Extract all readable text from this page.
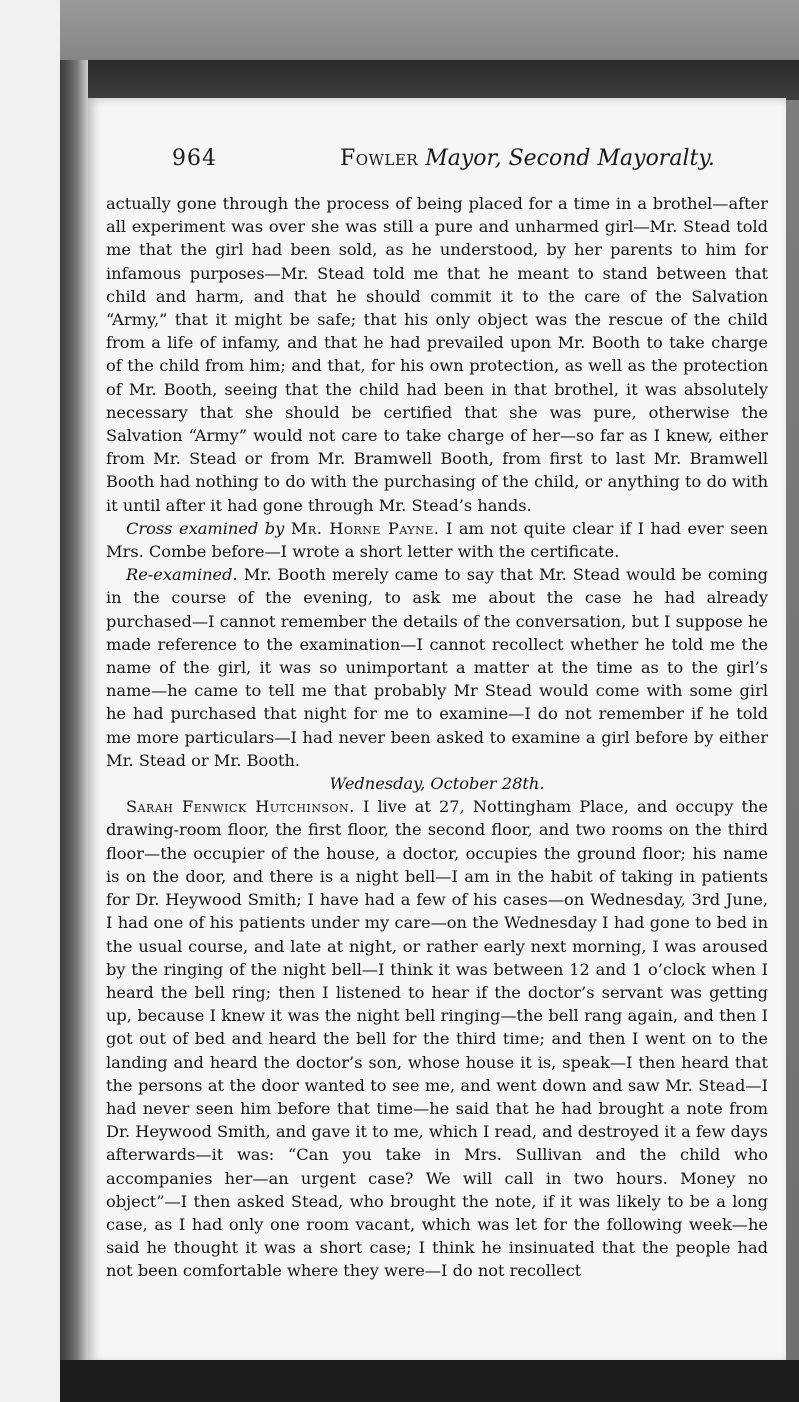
964	Fowler Mayor, Second Mayoralty.

actually gone through the process of being placed for a time in a brothel—after all experiment was over she was still a pure and unharmed girl—Mr. Stead told me that the girl had been sold, as he understood, by her parents to him for infamous purposes—Mr. Stead told me that he meant to stand between that child and harm, and that he should commit it to the care of the Salvation “Army,” that it might be safe; that his only object was the rescue of the child from a life of infamy, and that he had prevailed upon Mr. Booth to take charge of the child from him; and that, for his own protection, as well as the protection of Mr. Booth, seeing that the child had been in that brothel, it was absolutely necessary that she should be certified that she was pure, otherwise the Salvation “Army” would not care to take charge of her—so far as I knew, either from Mr. Stead or from Mr. Bramwell Booth, from first to last Mr. Bramwell Booth had nothing to do with the purchasing of the child, or anything to do with it until after it had gone through Mr. Stead’s hands.

Cross examined by Mr. Horne Payne. I am not quite clear if I had ever seen Mrs. Combe before—I wrote a short letter with the certificate.

Re-examined. Mr. Booth merely came to say that Mr. Stead would be coming in the course of the evening, to ask me about the case he had already purchased—I cannot remember the details of the conversation, but I suppose he made reference to the examination—I cannot recollect whether he told me the name of the girl, it was so unimportant a matter at the time as to the girl’s name—he came to tell me that probably Mr Stead would come with some girl he had purchased that night for me to examine—I do not remember if he told me more particulars—I had never been asked to examine a girl before by either Mr. Stead or Mr. Booth.

Wednesday, October 28th.

Sarah Fenwick Hutchinson. I live at 27, Nottingham Place, and occupy the drawing-room floor, the first floor, the second floor, and two rooms on the third floor—the occupier of the house, a doctor, occupies the ground floor; his name is on the door, and there is a night bell—I am in the habit of taking in patients for Dr. Heywood Smith; I have had a few of his cases—on Wednesday, 3rd June, I had one of his patients under my care—on the Wednesday I had gone to bed in the usual course, and late at night, or rather early next morning, I was aroused by the ringing of the night bell—I think it was between 12 and 1 o’clock when I heard the bell ring; then I listened to hear if the doctor’s servant was getting up, because I knew it was the night bell ringing—the bell rang again, and then I got out of bed and heard the bell for the third time; and then I went on to the landing and heard the doctor’s son, whose house it is, speak—I then heard that the persons at the door wanted to see me, and went down and saw Mr. Stead—I had never seen him before that time—he said that he had brought a note from Dr. Heywood Smith, and gave it to me, which I read, and destroyed it a few days afterwards—it was: “Can you take in Mrs. Sullivan and the child who accompanies her—an urgent case? We will call in two hours. Money no object”—I then asked Stead, who brought the note, if it was likely to be a long case, as I had only one room vacant, which was let for the following week—he said he thought it was a short case; I think he insinuated that the people had not been comfortable where they were—I do not recollect
